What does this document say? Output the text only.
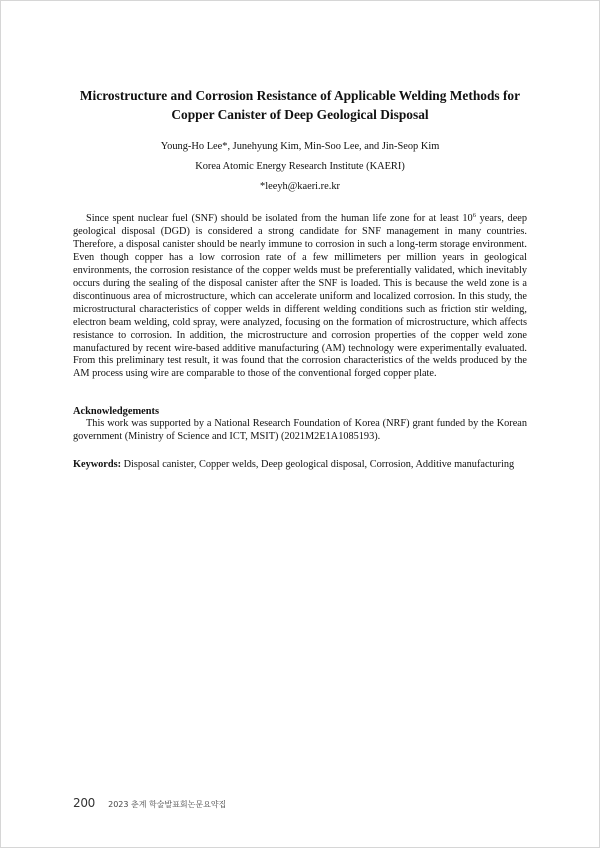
Microstructure and Corrosion Resistance of Applicable Welding Methods for
Copper Canister of Deep Geological Disposal
Young-Ho Lee*, Junehyung Kim, Min-Soo Lee, and Jin-Seop Kim
Korea Atomic Energy Research Institute (KAERI)
*leeyh@kaeri.re.kr

Since spent nuclear fuel (SNF) should be isolated from the human life zone for at least $10^6$ years, deep geological disposal (DGD) is considered a strong candidate for SNF management in many countries. Therefore, a disposal canister should be nearly immune to corrosion in such a long-term storage environment. Even though copper has a low corrosion rate of a few millimeters per million years in geological environments, the corrosion resistance of the copper welds must be preferentially validated, which inevitably occurs during the sealing of the disposal canister after the SNF is loaded. This is because the weld zone is a discontinuous area of microstructure, which can accelerate uniform and localized corrosion. In this study, the microstructural characteristics of copper welds in different welding conditions such as friction stir welding, electron beam welding, cold spray, were analyzed, focusing on the formation of microstructure, which affects resistance to corrosion. In addition, the microstructure and corrosion properties of the copper weld zone manufactured by recent wire-based additive manufacturing (AM) technology were experimentally evaluated. From this preliminary test result, it was found that the corrosion characteristics of the welds produced by the AM process using wire are comparable to those of the conventional forged copper plate.

Acknowledgements

This work was supported by a National Research Foundation of Korea (NRF) grant funded by the Korean government (Ministry of Science and ICT, MSIT) (2021M2E1A1085193).

Keywords: Disposal canister, Copper welds, Deep geological disposal, Corrosion, Additive manufacturing
200 2023 춘계 학술발표회논문요약집
